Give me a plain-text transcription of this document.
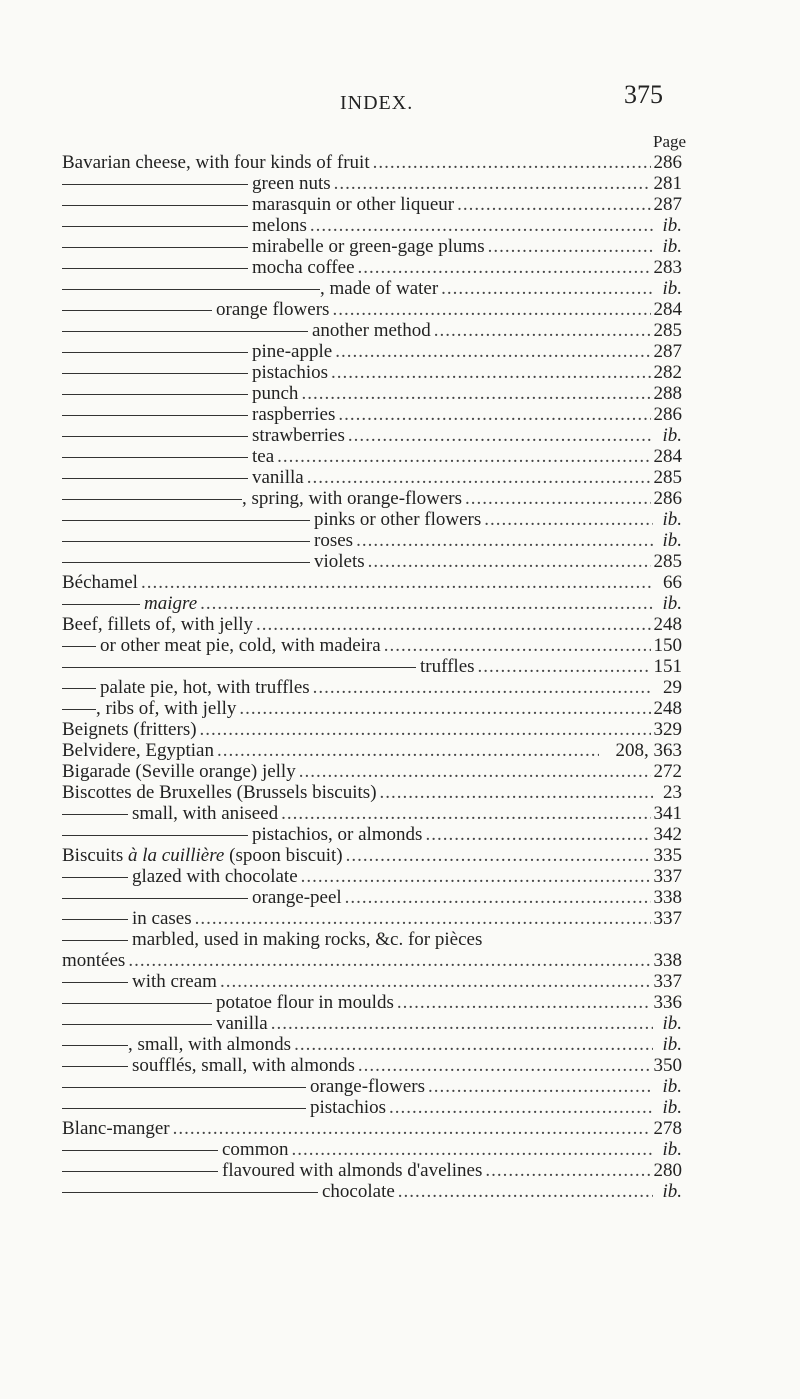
INDEX.	375
Page
Bavarian cheese, with four kinds of fruit .....	286
green nuts .....	281
marasquin or other liqueur .....	287
melons .....	ib.
mirabelle or green-gage plums .....	ib.
mocha coffee .....	283
, made of water .....	ib.
orange flowers .....	284
another method .....	285
pine-apple .....	287
pistachios .....	282
punch .....	288
raspberries .....	286
strawberries .....	ib.
tea .....	284
vanilla .....	285
, spring, with orange-flowers .....	286
pinks or other flowers .....	ib.
roses .....	ib.
violets .....	285
Béchamel .....	66
maigre .....	ib.
Beef, fillets of, with jelly .....	248
or other meat pie, cold, with madeira .....	150
truffles .....	151
palate pie, hot, with truffles .....	29
, ribs of, with jelly .....	248
Beignets (fritters) .....	329
Belvidere, Egyptian .....	208, 363
Bigarade (Seville orange) jelly .....	272
Biscottes de Bruxelles (Brussels biscuits) .....	23
small, with aniseed .....	341
pistachios, or almonds .....	342
Biscuits à la cuillière (spoon biscuit) .....	335
glazed with chocolate .....	337
orange-peel .....	338
in cases .....	337
marbled, used in making rocks, &c. for pièces
montées .....	338
with cream .....	337
potatoe flour in moulds .....	336
vanilla .....	ib.
, small, with almonds .....	ib.
soufflés, small, with almonds .....	350
orange-flowers .....	ib.
pistachios .....	ib.
Blanc-manger .....	278
common .....	ib.
flavoured with almonds d'avelines .....	280
chocolate .....	ib.
